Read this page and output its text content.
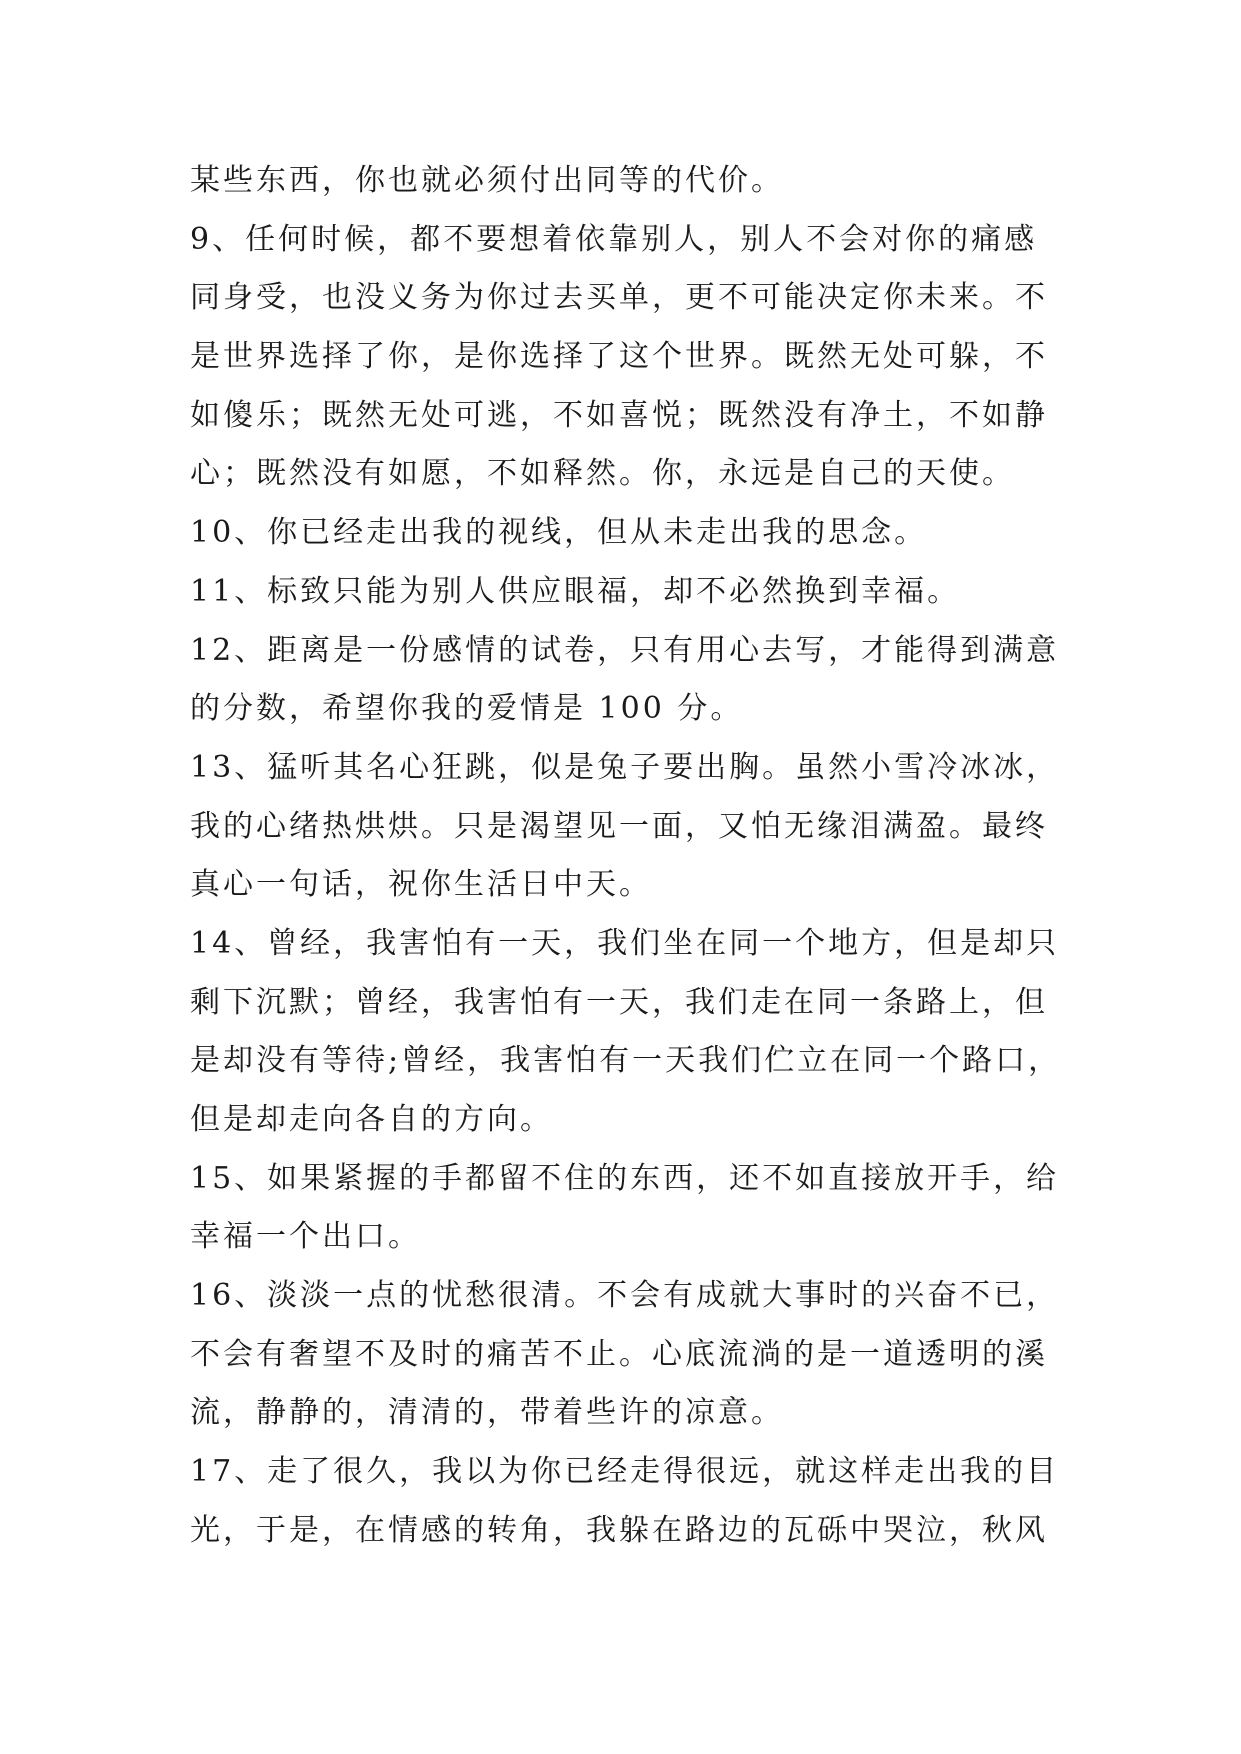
某些东西，你也就必须付出同等的代价。
9、任何时候，都不要想着依靠别人，别人不会对你的痛感
同身受，也没义务为你过去买单，更不可能决定你未来。不
是世界选择了你，是你选择了这个世界。既然无处可躲，不
如傻乐；既然无处可逃，不如喜悦；既然没有净土，不如静
心；既然没有如愿，不如释然。你，永远是自己的天使。
10、你已经走出我的视线，但从未走出我的思念。
11、标致只能为别人供应眼福，却不必然换到幸福。
12、距离是一份感情的试卷，只有用心去写，才能得到满意
的分数，希望你我的爱情是 100 分。
13、猛听其名心狂跳，似是兔子要出胸。虽然小雪冷冰冰，
我的心绪热烘烘。只是渴望见一面，又怕无缘泪满盈。最终
真心一句话，祝你生活日中天。
14、曾经，我害怕有一天，我们坐在同一个地方，但是却只
剩下沉默；曾经，我害怕有一天，我们走在同一条路上，但
是却没有等待;曾经，我害怕有一天我们伫立在同一个路口，
但是却走向各自的方向。
15、如果紧握的手都留不住的东西，还不如直接放开手，给
幸福一个出口。
16、淡淡一点的忧愁很清。不会有成就大事时的兴奋不已，
不会有奢望不及时的痛苦不止。心底流淌的是一道透明的溪
流，静静的，清清的，带着些许的凉意。
17、走了很久，我以为你已经走得很远，就这样走出我的目
光，于是，在情感的转角，我躲在路边的瓦砾中哭泣，秋风
